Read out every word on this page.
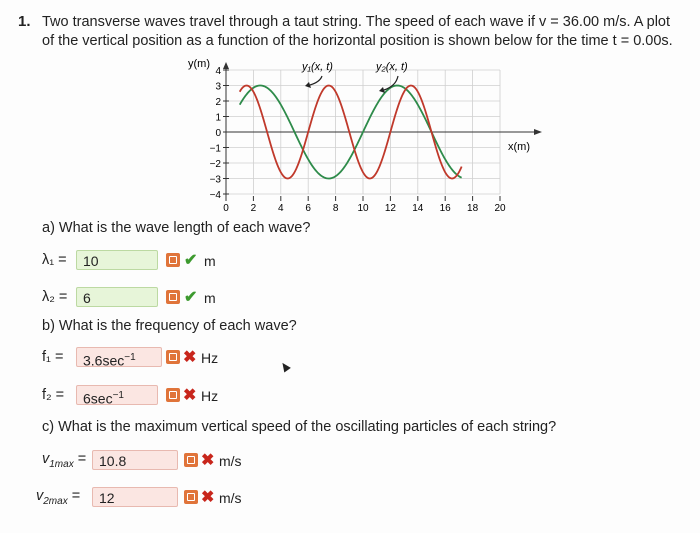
1. Two transverse waves travel through a taut string. The speed of each wave if v = 36.00 m/s. A plot of the vertical position as a function of the horizontal position is shown below for the time t = 0.00s.
y(m)
x(m)
4
3
2
1
0
−1
−2
−3
−4
0 2 4 6 8 10 12 14 16 18 20
y₁(x, t)	y₂(x, t)
a) What is the wave length of each wave?
λ₁ =	10	✔ m
λ₂ =	6	✔ m
b) What is the frequency of each wave?
f₁ =	$3.6\sec^{-1}$	✖ Hz
f₂ =	$6\sec^{-1}$	✖ Hz
c) What is the maximum vertical speed of the oscillating particles of each string?
$v_{1max} = 10.8$	✖ m/s
$v_{2max}$ =	12	✖ m/s
